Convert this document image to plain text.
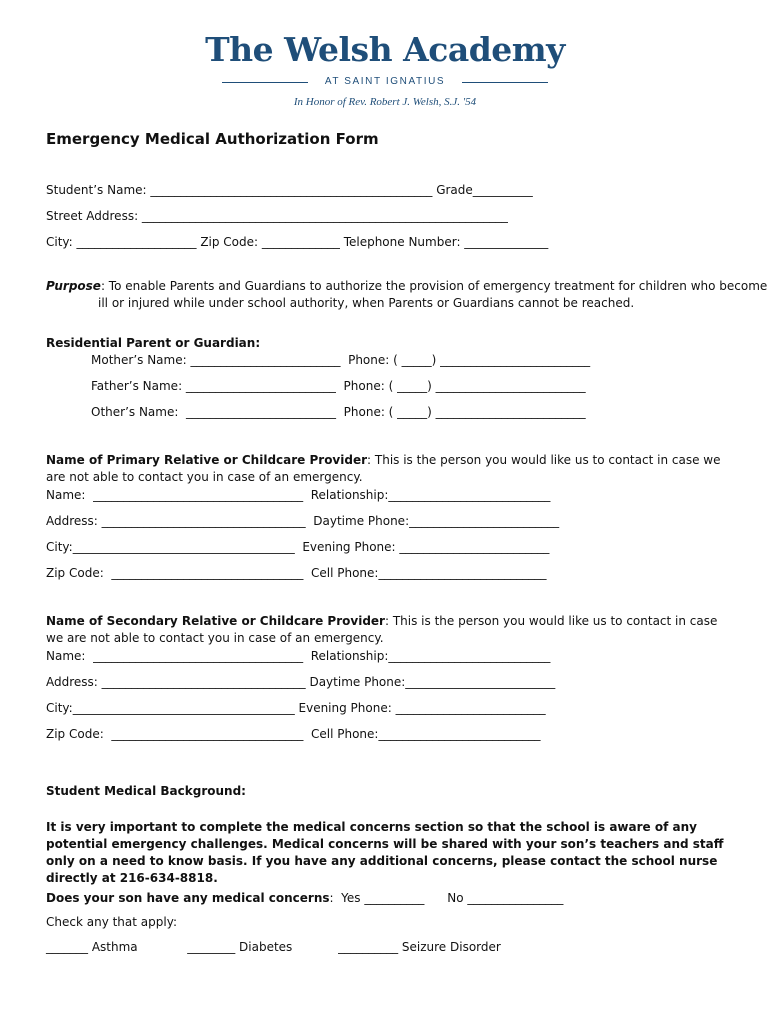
The Welsh Academy
AT SAINT IGNATIUS
In Honor of Rev. Robert J. Welsh, S.J. '54
Emergency Medical Authorization Form

Student’s Name: _______________________________________________ Grade__________

Street Address: _____________________________________________________________

City: ____________________ Zip Code: _____________ Telephone Number: ______________

Purpose: To enable Parents and Guardians to authorize the provision of emergency treatment for children who become ill or injured while under school authority, when Parents or Guardians cannot be reached.

Residential Parent or Guardian:

Mother’s Name: _________________________  Phone: ( _____) _________________________

Father’s Name: _________________________  Phone: ( _____) _________________________

Other’s Name:  _________________________  Phone: ( _____) _________________________

Name of Primary Relative or Childcare Provider: This is the person you would like us to contact in case we are not able to contact you in case of an emergency.

Name:  ___________________________________  Relationship:___________________________

Address: __________________________________  Daytime Phone:_________________________

City:_____________________________________  Evening Phone: _________________________

Zip Code:  ________________________________  Cell Phone:____________________________

Name of Secondary Relative or Childcare Provider: This is the person you would like us to contact in case we are not able to contact you in case of an emergency.

Name:  ___________________________________  Relationship:___________________________

Address: __________________________________ Daytime Phone:_________________________

City:_____________________________________ Evening Phone: _________________________

Zip Code:  ________________________________  Cell Phone:___________________________

Student Medical Background:

It is very important to complete the medical concerns section so that the school is aware of any potential emergency challenges. Medical concerns will be shared with your son’s teachers and staff only on a need to know basis. If you have any additional concerns, please contact the school nurse directly at 216-634-8818.

Does your son have any medical concerns:  Yes __________      No ________________

Check any that apply:

_______ Asthma             ________ Diabetes            __________ Seizure Disorder
